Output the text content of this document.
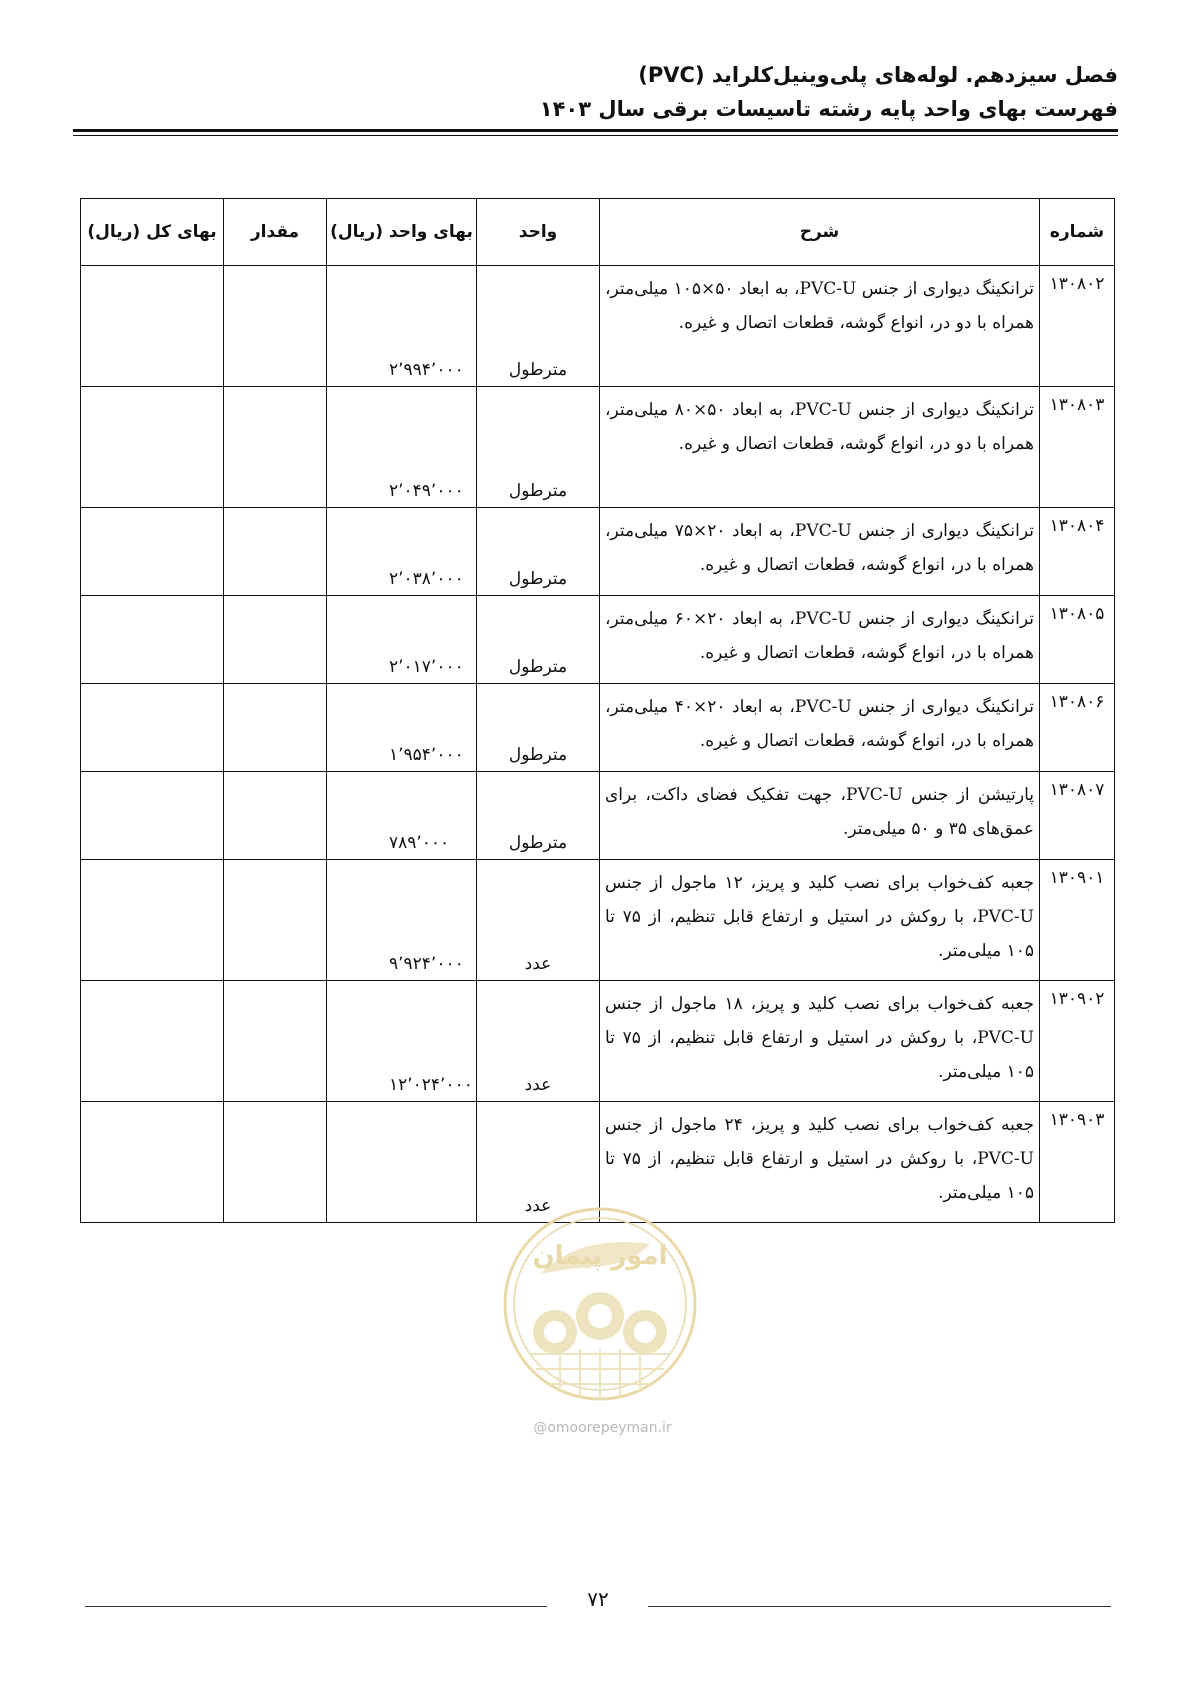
فصل سیزدهم. لوله‌های پلی‌وینیل‌کلراید (PVC)
فهرست بهای واحد پایه رشته تاسیسات برقی سال ۱۴۰۳
شماره	شرح	واحد	بهای واحد (ریال)	مقدار	بهای کل (ریال)
۱۳۰۸۰۲	ترانکینگ دیواری از جنس PVC-U، به ابعاد ۵۰×۱۰۵ میلی‌متر، همراه با دو در، انواع گوشه، قطعات اتصال و غیره.	مترطول	۲٬۹۹۴٬۰۰۰		
۱۳۰۸۰۳	ترانکینگ دیواری از جنس PVC-U، به ابعاد ۵۰×۸۰ میلی‌متر، همراه با دو در، انواع گوشه، قطعات اتصال و غیره.	مترطول	۲٬۰۴۹٬۰۰۰		
۱۳۰۸۰۴	ترانکینگ دیواری از جنس PVC-U، به ابعاد ۲۰×۷۵ میلی‌متر، همراه با در، انواع گوشه، قطعات اتصال و غیره.	مترطول	۲٬۰۳۸٬۰۰۰		
۱۳۰۸۰۵	ترانکینگ دیواری از جنس PVC-U، به ابعاد ۲۰×۶۰ میلی‌متر، همراه با در، انواع گوشه، قطعات اتصال و غیره.	مترطول	۲٬۰۱۷٬۰۰۰		
۱۳۰۸۰۶	ترانکینگ دیواری از جنس PVC-U، به ابعاد ۲۰×۴۰ میلی‌متر، همراه با در، انواع گوشه، قطعات اتصال و غیره.	مترطول	۱٬۹۵۴٬۰۰۰		
۱۳۰۸۰۷	پارتیشن از جنس PVC-U، جهت تفکیک فضای داکت، برای عمق‌های ۳۵ و ۵۰ میلی‌متر.	مترطول	۷۸۹٬۰۰۰		
۱۳۰۹۰۱	جعبه کف‌خواب برای نصب کلید و پریز، ۱۲ ماجول از جنس PVC-U، با روکش در استیل و ارتفاع قابل تنظیم، از ۷۵ تا ۱۰۵ میلی‌متر.	عدد	۹٬۹۲۴٬۰۰۰		
۱۳۰۹۰۲	جعبه کف‌خواب برای نصب کلید و پریز، ۱۸ ماجول از جنس PVC-U، با روکش در استیل و ارتفاع قابل تنظیم، از ۷۵ تا ۱۰۵ میلی‌متر.	عدد	۱۲٬۰۲۴٬۰۰۰		
۱۳۰۹۰۳	جعبه کف‌خواب برای نصب کلید و پریز، ۲۴ ماجول از جنس PVC-U، با روکش در استیل و ارتفاع قابل تنظیم، از ۷۵ تا ۱۰۵ میلی‌متر.	عدد			
امور پیمان
@omoorepeyman.ir
۷۲
